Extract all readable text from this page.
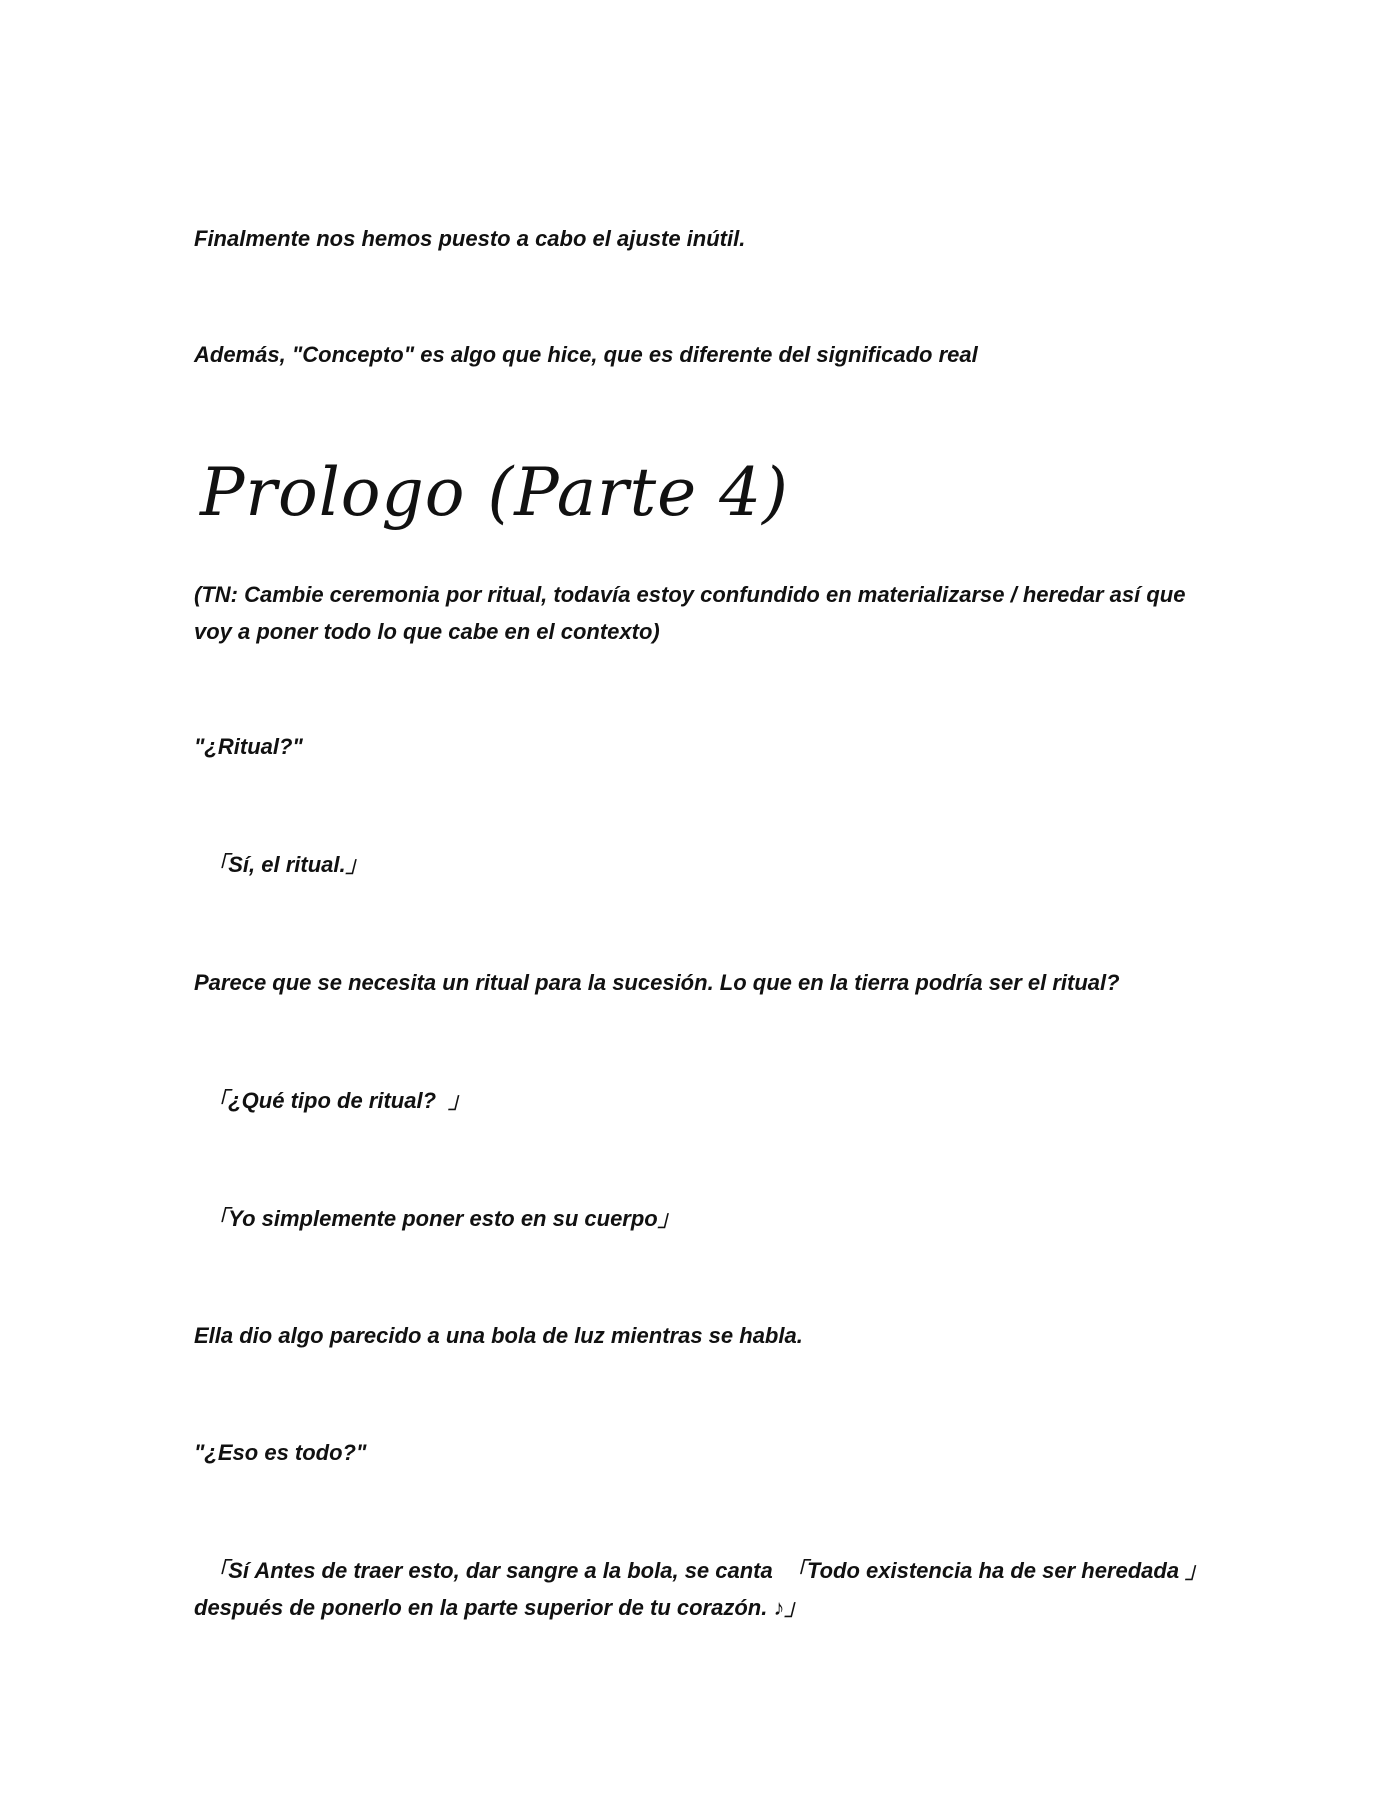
Finalmente nos hemos puesto a cabo el ajuste inútil.

Además, "Concepto" es algo que hice, que es diferente del significado real

Prologo (Parte 4)

(TN: Cambie ceremonia por ritual, todavía estoy confundido en materializarse / heredar así que voy a poner todo lo que cabe en el contexto)

"¿Ritual?"

「Sí, el ritual.」

Parece que se necesita un ritual para la sucesión. Lo que en la tierra podría ser el ritual?

「¿Qué tipo de ritual?  」

「Yo simplemente poner esto en su cuerpo」

Ella dio algo parecido a una bola de luz mientras se habla.

"¿Eso es todo?"

「Sí Antes de traer esto, dar sangre a la bola, se canta  「Todo existencia ha de ser heredada 」 después de ponerlo en la parte superior de tu corazón. ♪」
